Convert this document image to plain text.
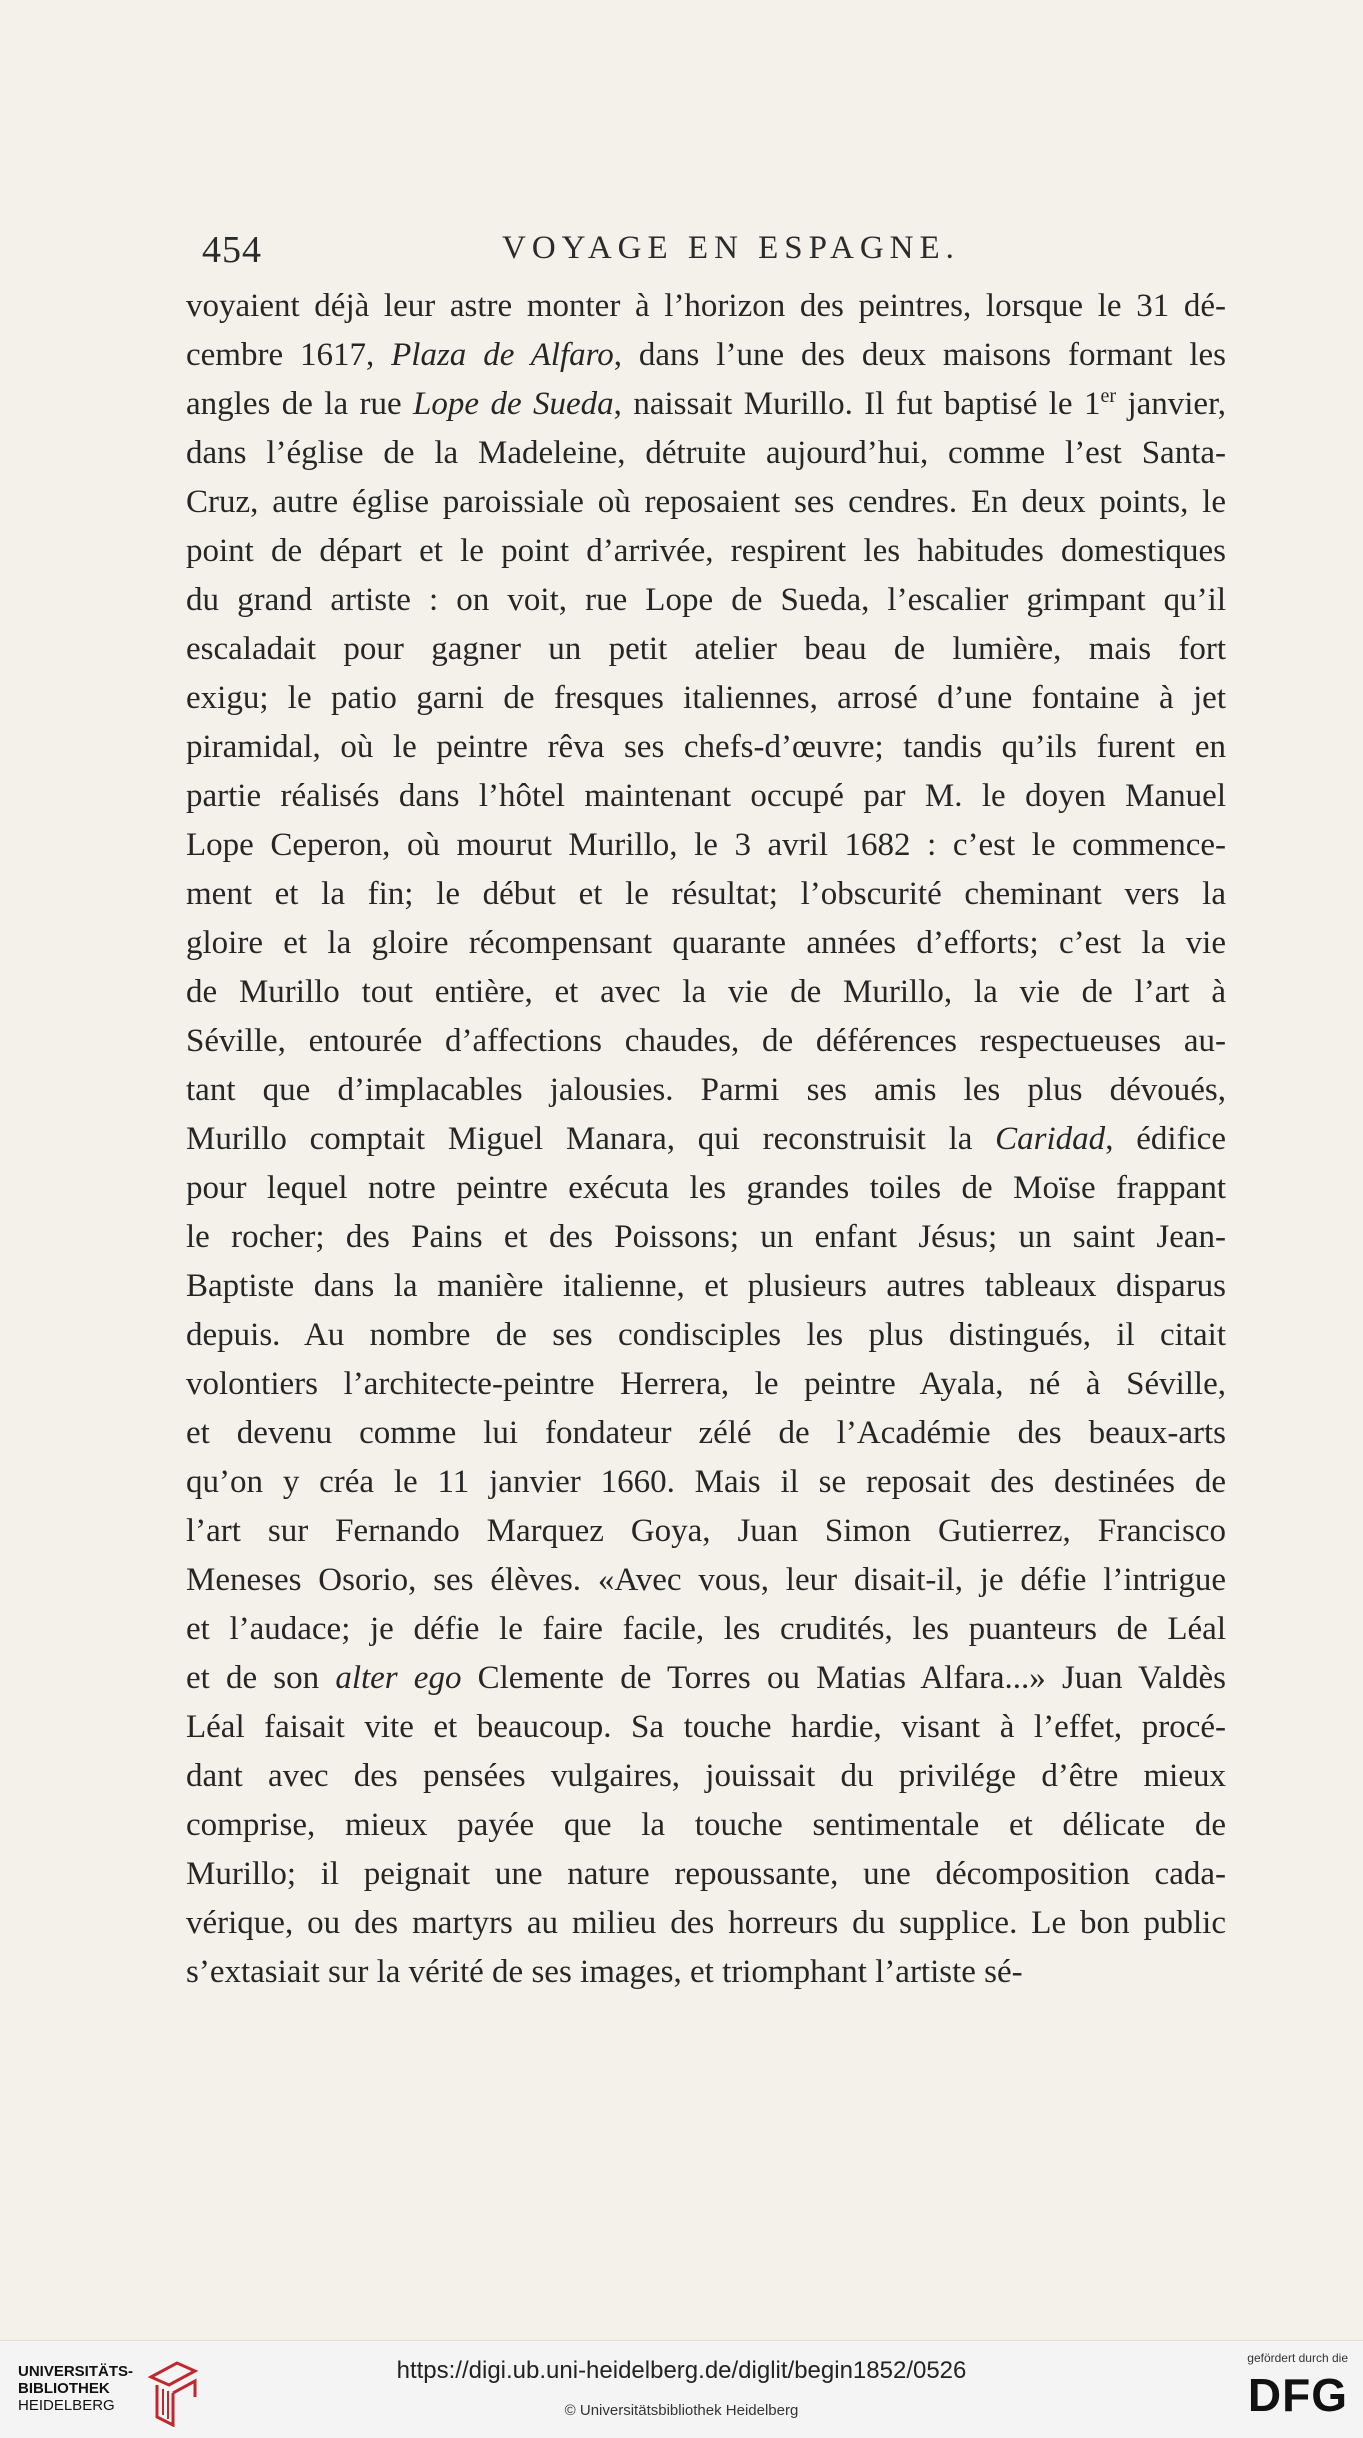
454	VOYAGE EN ESPAGNE.
voyaient déjà leur astre monter à l’horizon des peintres, lorsque le 31 dé-
cembre 1617, Plaza de Alfaro, dans l’une des deux maisons formant les
angles de la rue Lope de Sueda, naissait Murillo. Il fut baptisé le 1er janvier,
dans l’église de la Madeleine, détruite aujourd’hui, comme l’est Santa-
Cruz, autre église paroissiale où reposaient ses cendres. En deux points, le
point de départ et le point d’arrivée, respirent les habitudes domestiques
du grand artiste : on voit, rue Lope de Sueda, l’escalier grimpant qu’il
escaladait pour gagner un petit atelier beau de lumière, mais fort
exigu; le patio garni de fresques italiennes, arrosé d’une fontaine à jet
piramidal, où le peintre rêva ses chefs-d’œuvre; tandis qu’ils furent en
partie réalisés dans l’hôtel maintenant occupé par M. le doyen Manuel
Lope Ceperon, où mourut Murillo, le 3 avril 1682 : c’est le commence-
ment et la fin; le début et le résultat; l’obscurité cheminant vers la
gloire et la gloire récompensant quarante années d’efforts; c’est la vie
de Murillo tout entière, et avec la vie de Murillo, la vie de l’art à
Séville, entourée d’affections chaudes, de déférences respectueuses au-
tant que d’implacables jalousies. Parmi ses amis les plus dévoués,
Murillo comptait Miguel Manara, qui reconstruisit la Caridad, édifice
pour lequel notre peintre exécuta les grandes toiles de Moïse frappant
le rocher; des Pains et des Poissons; un enfant Jésus; un saint Jean-
Baptiste dans la manière italienne, et plusieurs autres tableaux disparus
depuis. Au nombre de ses condisciples les plus distingués, il citait
volontiers l’architecte-peintre Herrera, le peintre Ayala, né à Séville,
et devenu comme lui fondateur zélé de l’Académie des beaux-arts
qu’on y créa le 11 janvier 1660. Mais il se reposait des destinées de
l’art sur Fernando Marquez Goya, Juan Simon Gutierrez, Francisco
Meneses Osorio, ses élèves. «Avec vous, leur disait-il, je défie l’intrigue
et l’audace; je défie le faire facile, les crudités, les puanteurs de Léal
et de son alter ego Clemente de Torres ou Matias Alfara...» Juan Valdès
Léal faisait vite et beaucoup. Sa touche hardie, visant à l’effet, procé-
dant avec des pensées vulgaires, jouissait du privilége d’être mieux
comprise, mieux payée que la touche sentimentale et délicate de
Murillo; il peignait une nature repoussante, une décomposition cada-
vérique, ou des martyrs au milieu des horreurs du supplice. Le bon public
s’extasiait sur la vérité de ses images, et triomphant l’artiste sé-
UNIVERSITÄTS-
BIBLIOTHEK
HEIDELBERG
https://digi.ub.uni-heidelberg.de/diglit/begin1852/0526
© Universitätsbibliothek Heidelberg
gefördert durch die
DFG
